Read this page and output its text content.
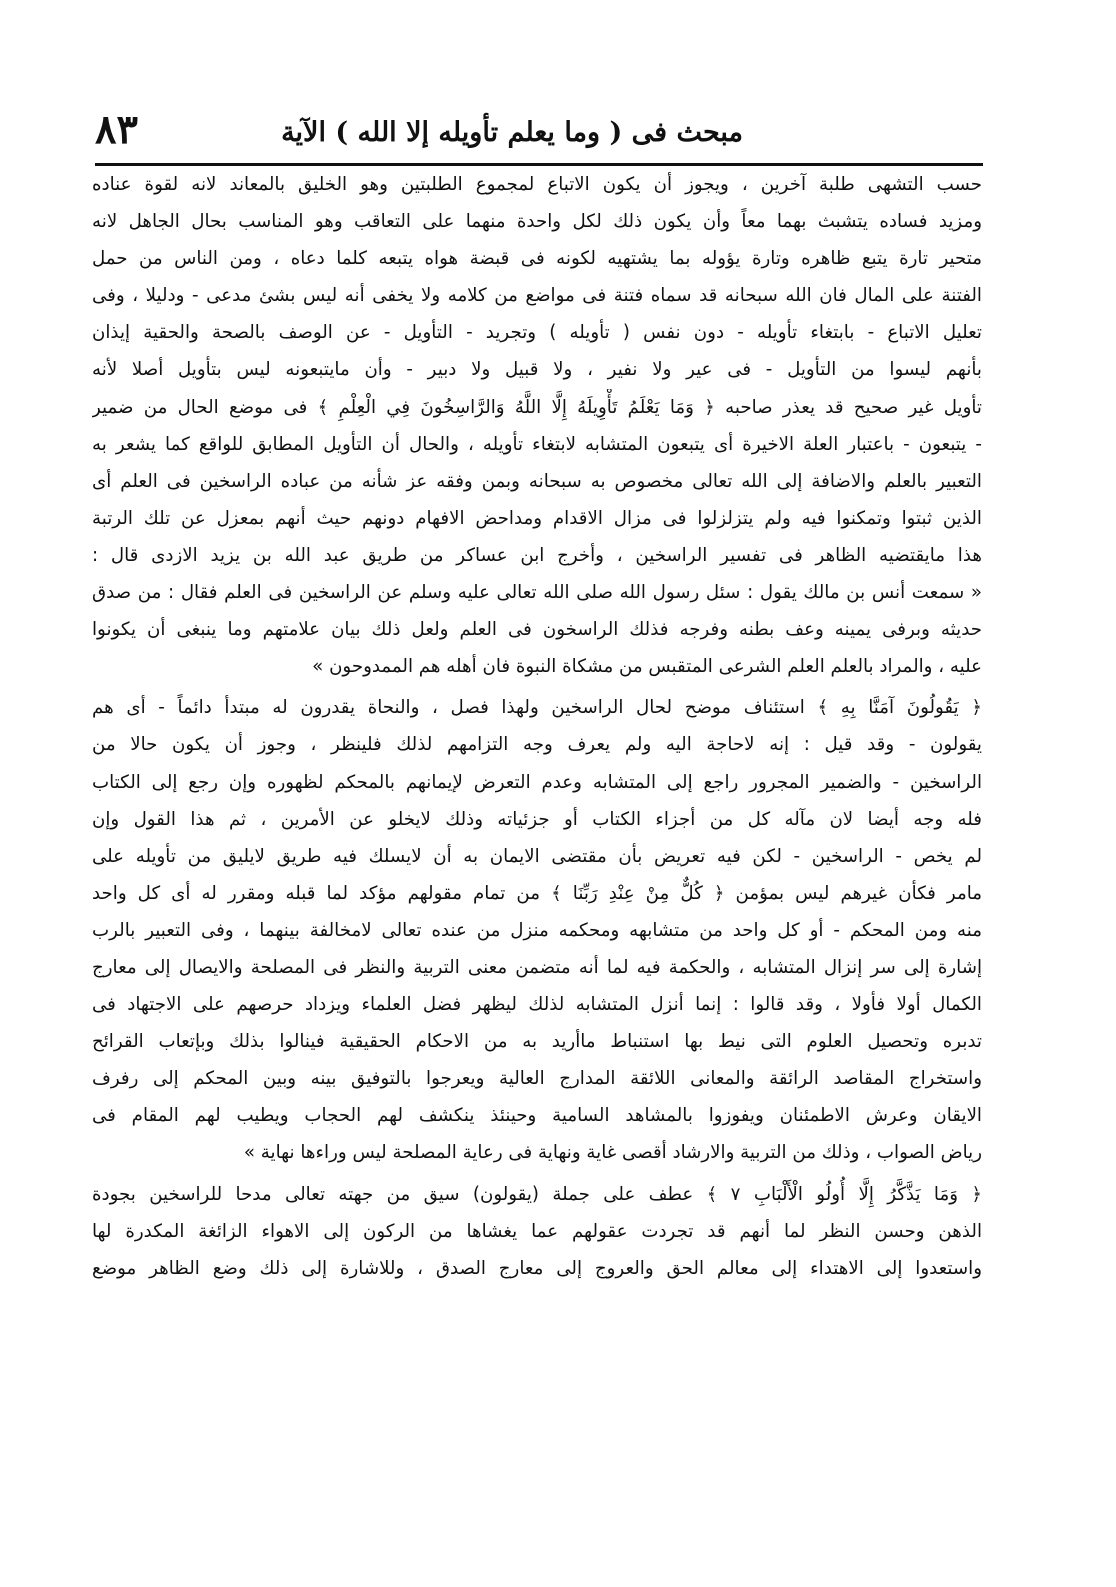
٨٣	مبحث فى ( وما يعلم تأويله إلا الله ) الآية
حسب التشهى طلبة آخرين ، ويجوز أن يكون الاتباع لمجموع الطلبتين وهو الخليق بالمعاند لانه لقوة عناده
ومزيد فساده يتشبث بهما معاً وأن يكون ذلك لكل واحدة منهما على التعاقب وهو المناسب بحال الجاهل لانه
متحير تارة يتبع ظاهره وتارة يؤوله بما يشتهيه لكونه فى قبضة هواه يتبعه كلما دعاه ، ومن الناس من حمل
الفتنة على المال فان الله سبحانه قد سماه فتنة فى مواضع من كلامه ولا يخفى أنه ليس بشئ مدعى - ودليلا ، وفى
تعليل الاتباع - بابتغاء تأويله - دون نفس ( تأويله ) وتجريد - التأويل - عن الوصف بالصحة والحقية إيذان
بأنهم ليسوا من التأويل - فى عير ولا نفير ، ولا قبيل ولا دبير - وأن مايتبعونه ليس بتأويل أصلا لأنه
تأويل غير صحيح قد يعذر صاحبه ﴿ وَمَا يَعْلَمُ تَأْوِيلَهُ إِلَّا اللَّهُ وَالرَّاسِخُونَ فِي الْعِلْمِ ﴾ فى موضع الحال من ضمير
- يتبعون - باعتبار العلة الاخيرة أى يتبعون المتشابه لابتغاء تأويله ، والحال أن التأويل المطابق للواقع كما يشعر به
التعبير بالعلم والاضافة إلى الله تعالى مخصوص به سبحانه وبمن وفقه عز شأنه من عباده الراسخين فى العلم أى
الذين ثبتوا وتمكنوا فيه ولم يتزلزلوا فى مزال الاقدام ومداحض الافهام دونهم حيث أنهم بمعزل عن تلك الرتبة
هذا مايقتضيه الظاهر فى تفسير الراسخين ، وأخرج ابن عساكر من طريق عبد الله بن يزيد الازدى قال :
« سمعت أنس بن مالك يقول : سئل رسول الله صلى الله تعالى عليه وسلم عن الراسخين فى العلم فقال : من صدق
حديثه وبرفى يمينه وعف بطنه وفرجه فذلك الراسخون فى العلم ولعل ذلك بيان علامتهم وما ينبغى أن يكونوا
عليه ، والمراد بالعلم العلم الشرعى المتقبس من مشكاة النبوة فان أهله هم الممدوحون »
﴿ يَقُولُونَ آمَنَّا بِهِ ﴾ استئناف موضح لحال الراسخين ولهذا فصل ، والنحاة يقدرون له مبتدأ دائماً - أى هم
يقولون - وقد قيل : إنه لاحاجة اليه ولم يعرف وجه التزامهم لذلك فلينظر ، وجوز أن يكون حالا من
الراسخين - والضمير المجرور راجع إلى المتشابه وعدم التعرض لإيمانهم بالمحكم لظهوره وإن رجع إلى الكتاب
فله وجه أيضا لان مآله كل من أجزاء الكتاب أو جزئياته وذلك لايخلو عن الأمرين ، ثم هذا القول وإن
لم يخص - الراسخين - لكن فيه تعريض بأن مقتضى الايمان به أن لايسلك فيه طريق لايليق من تأويله على
مامر فكأن غيرهم ليس بمؤمن ﴿ كُلٌّ مِنْ عِنْدِ رَبِّنَا ﴾ من تمام مقولهم مؤكد لما قبله ومقرر له أى كل واحد
منه ومن المحكم - أو كل واحد من متشابهه ومحكمه منزل من عنده تعالى لامخالفة بينهما ، وفى التعبير بالرب
إشارة إلى سر إنزال المتشابه ، والحكمة فيه لما أنه متضمن معنى التربية والنظر فى المصلحة والايصال إلى معارج
الكمال أولا فأولا ، وقد قالوا : إنما أنزل المتشابه لذلك ليظهر فضل العلماء ويزداد حرصهم على الاجتهاد فى
تدبره وتحصيل العلوم التى نيط بها استنباط ماأريد به من الاحكام الحقيقية فينالوا بذلك وبإتعاب القرائح
واستخراج المقاصد الرائقة والمعانى اللائقة المدارج العالية ويعرجوا بالتوفيق بينه وبين المحكم إلى رفرف
الايقان وعرش الاطمئنان ويفوزوا بالمشاهد السامية وحينئذ ينكشف لهم الحجاب ويطيب لهم المقام فى
رياض الصواب ، وذلك من التربية والارشاد أقصى غاية ونهاية فى رعاية المصلحة ليس وراءها نهاية »
﴿ وَمَا يَذَّكَّرُ إِلَّا أُولُو الْأَلْبَابِ ٧ ﴾ عطف على جملة (يقولون) سيق من جهته تعالى مدحا للراسخين بجودة
الذهن وحسن النظر لما أنهم قد تجردت عقولهم عما يغشاها من الركون إلى الاهواء الزائغة المكدرة لها
واستعدوا إلى الاهتداء إلى معالم الحق والعروج إلى معارج الصدق ، وللاشارة إلى ذلك وضع الظاهر موضع
